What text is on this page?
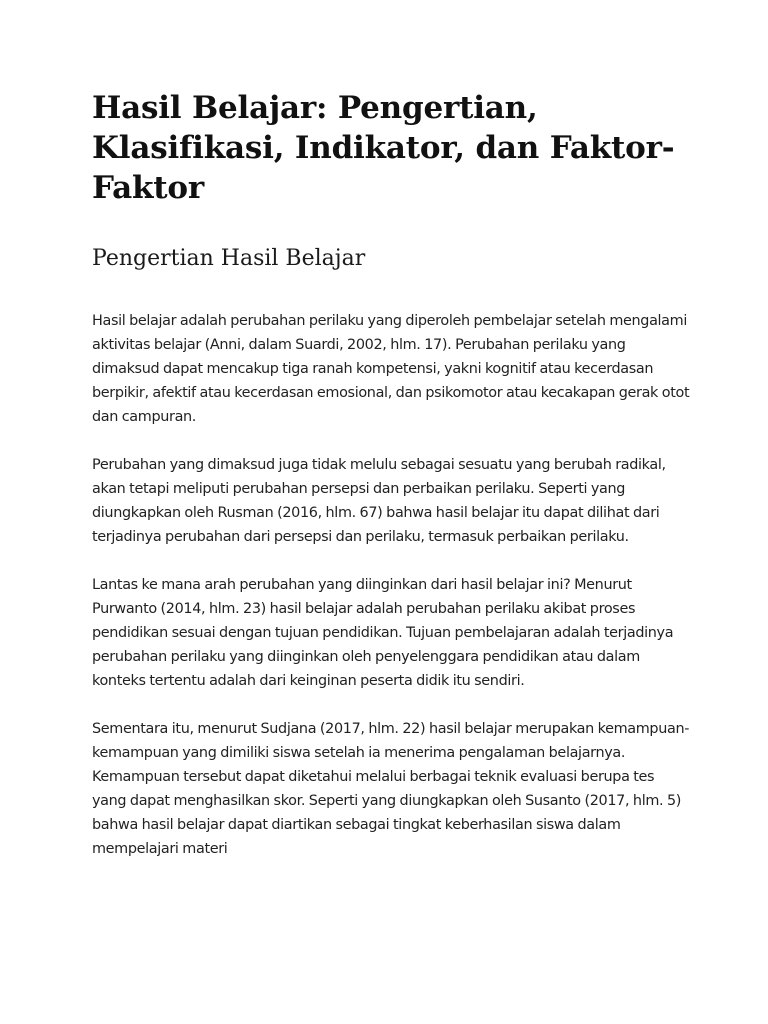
Hasil Belajar: Pengertian, Klasifikasi, Indikator, dan Faktor-Faktor
Pengertian Hasil Belajar

Hasil belajar adalah perubahan perilaku yang diperoleh pembelajar setelah mengalami aktivitas belajar (Anni, dalam Suardi, 2002, hlm. 17). Perubahan perilaku yang dimaksud dapat mencakup tiga ranah kompetensi, yakni kognitif atau kecerdasan berpikir, afektif atau kecerdasan emosional, dan psikomotor atau kecakapan gerak otot dan campuran.

Perubahan yang dimaksud juga tidak melulu sebagai sesuatu yang berubah radikal, akan tetapi meliputi perubahan persepsi dan perbaikan perilaku. Seperti yang diungkapkan oleh Rusman (2016, hlm. 67) bahwa hasil belajar itu dapat dilihat dari terjadinya perubahan dari persepsi dan perilaku, termasuk perbaikan perilaku.

Lantas ke mana arah perubahan yang diinginkan dari hasil belajar ini? Menurut Purwanto (2014, hlm. 23) hasil belajar adalah perubahan perilaku akibat proses pendidikan sesuai dengan tujuan pendidikan. Tujuan pembelajaran adalah terjadinya perubahan perilaku yang diinginkan oleh penyelenggara pendidikan atau dalam konteks tertentu adalah dari keinginan peserta didik itu sendiri.

Sementara itu, menurut Sudjana (2017, hlm. 22) hasil belajar merupakan kemampuan-kemampuan yang dimiliki siswa setelah ia menerima pengalaman belajarnya. Kemampuan tersebut dapat diketahui melalui berbagai teknik evaluasi berupa tes yang dapat menghasilkan skor. Seperti yang diungkapkan oleh Susanto (2017, hlm. 5) bahwa hasil belajar dapat diartikan sebagai tingkat keberhasilan siswa dalam mempelajari materi
